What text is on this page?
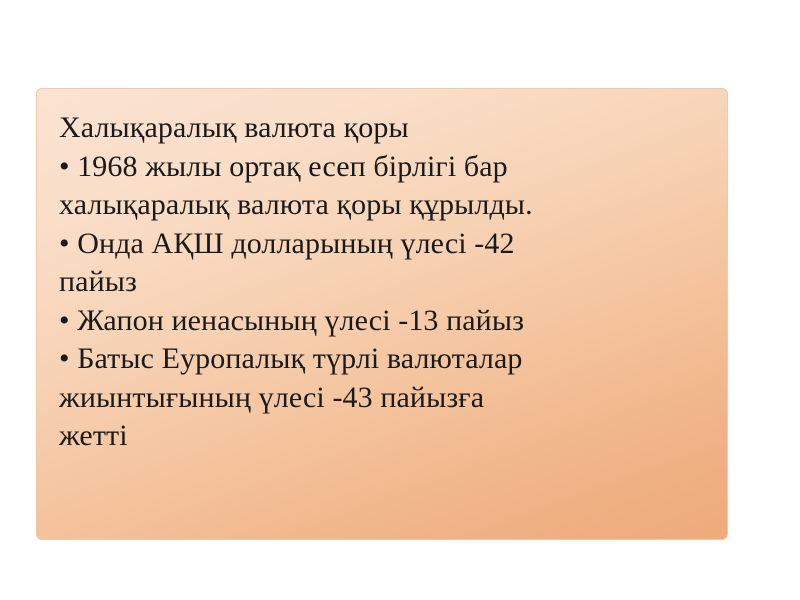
Халықаралық валюта қоры
• 1968 жылы ортақ есеп бірлігі бар
халықаралық валюта қоры құрылды.
• Онда АҚШ долларының үлесі -42
пайыз
• Жапон иенасының үлесі -13 пайыз
• Батыс Еуропалық түрлі валюталар
жиынтығының үлесі -43 пайызға
жетті
